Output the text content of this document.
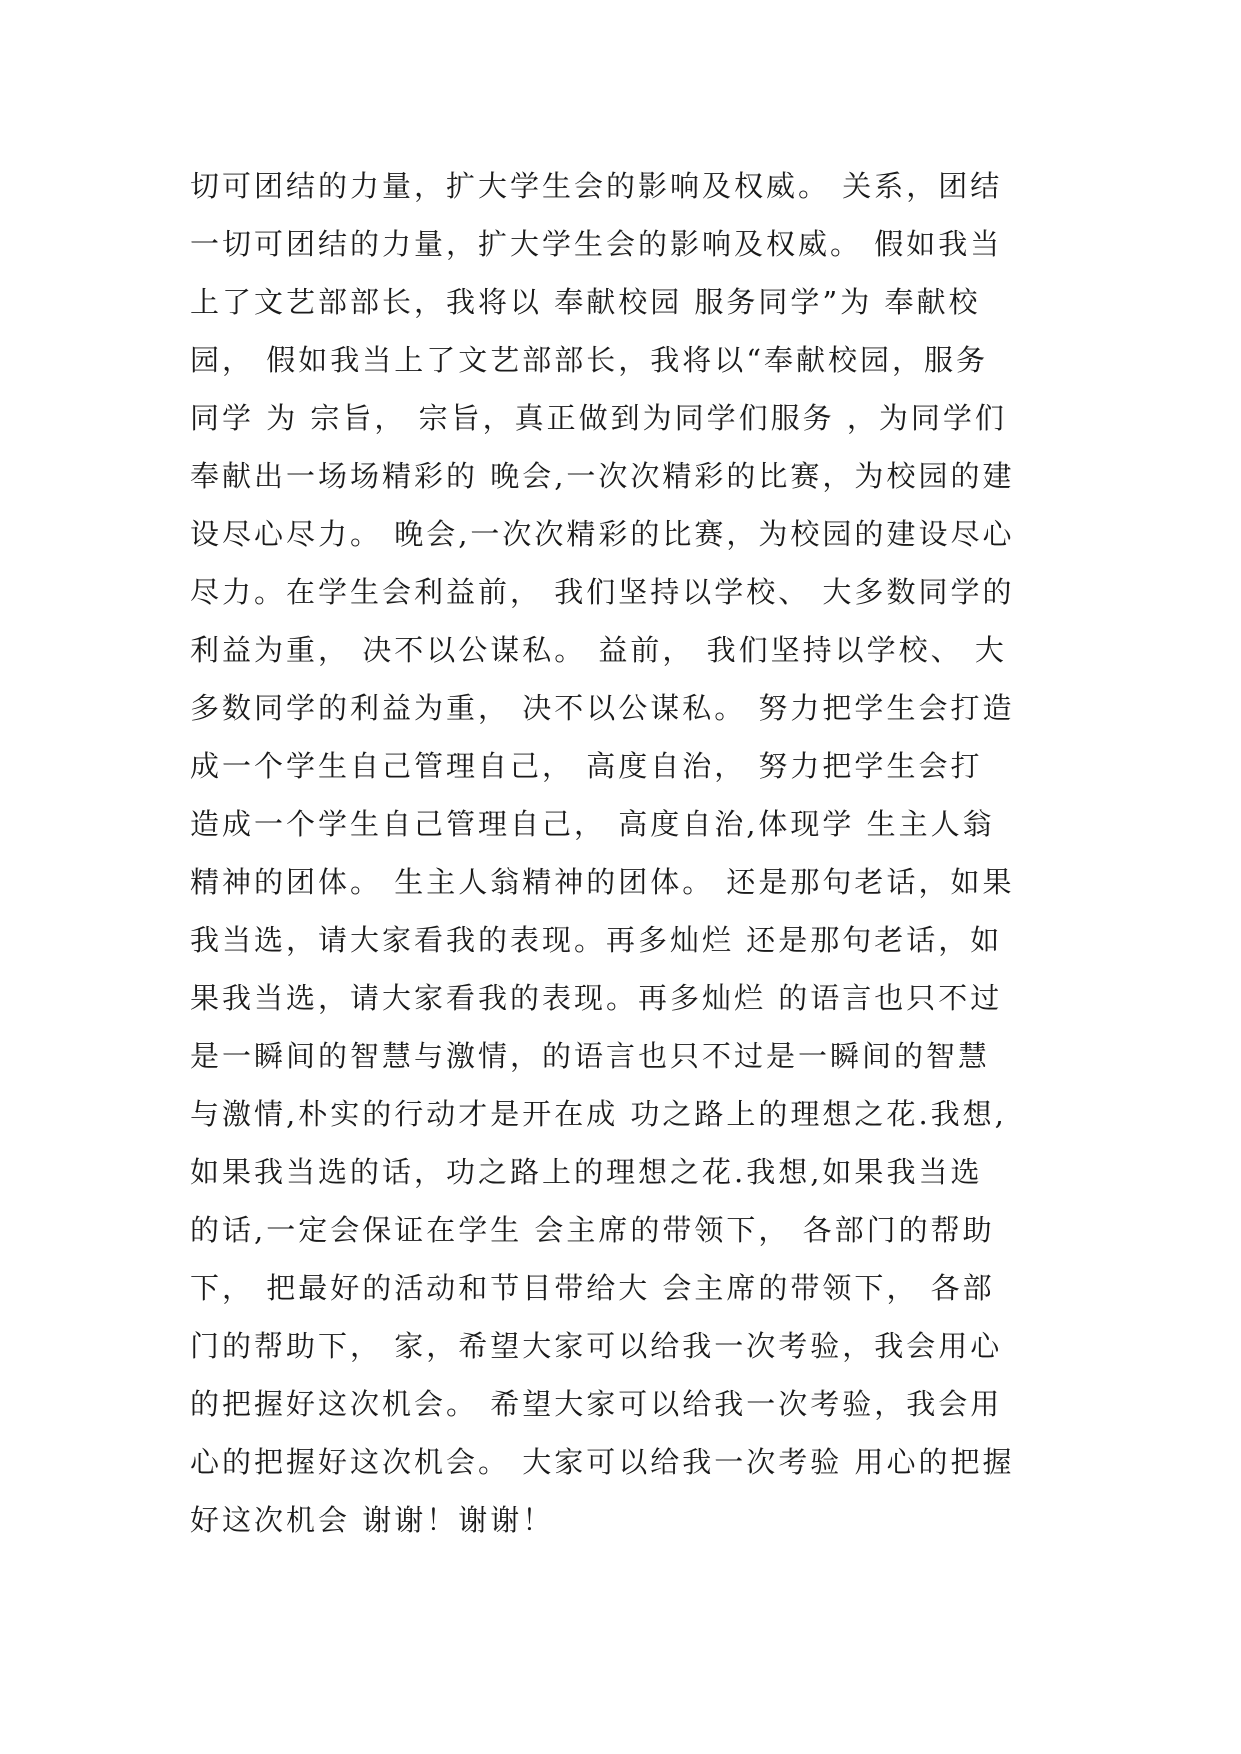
切可团结的力量，扩大学生会的影响及权威。 关系，团结
一切可团结的力量，扩大学生会的影响及权威。 假如我当
上了文艺部部长，我将以 奉献校园 服务同学”为 奉献校
园， 假如我当上了文艺部部长，我将以“奉献校园，服务
同学 为 宗旨， 宗旨，真正做到为同学们服务 ，为同学们
奉献出一场场精彩的 晚会,一次次精彩的比赛，为校园的建
设尽心尽力。 晚会,一次次精彩的比赛，为校园的建设尽心
尽力。在学生会利益前， 我们坚持以学校、 大多数同学的
利益为重， 决不以公谋私。 益前， 我们坚持以学校、 大
多数同学的利益为重， 决不以公谋私。 努力把学生会打造
成一个学生自己管理自己， 高度自治， 努力把学生会打
造成一个学生自己管理自己， 高度自治,体现学 生主人翁
精神的团体。 生主人翁精神的团体。 还是那句老话，如果
我当选，请大家看我的表现。再多灿烂 还是那句老话，如
果我当选，请大家看我的表现。再多灿烂 的语言也只不过
是一瞬间的智慧与激情，的语言也只不过是一瞬间的智慧
与激情,朴实的行动才是开在成 功之路上的理想之花.我想,
如果我当选的话，功之路上的理想之花.我想,如果我当选
的话,一定会保证在学生 会主席的带领下， 各部门的帮助
下， 把最好的活动和节目带给大 会主席的带领下， 各部
门的帮助下， 家，希望大家可以给我一次考验，我会用心
的把握好这次机会。 希望大家可以给我一次考验，我会用
心的把握好这次机会。 大家可以给我一次考验 用心的把握
好这次机会 谢谢！谢谢！
